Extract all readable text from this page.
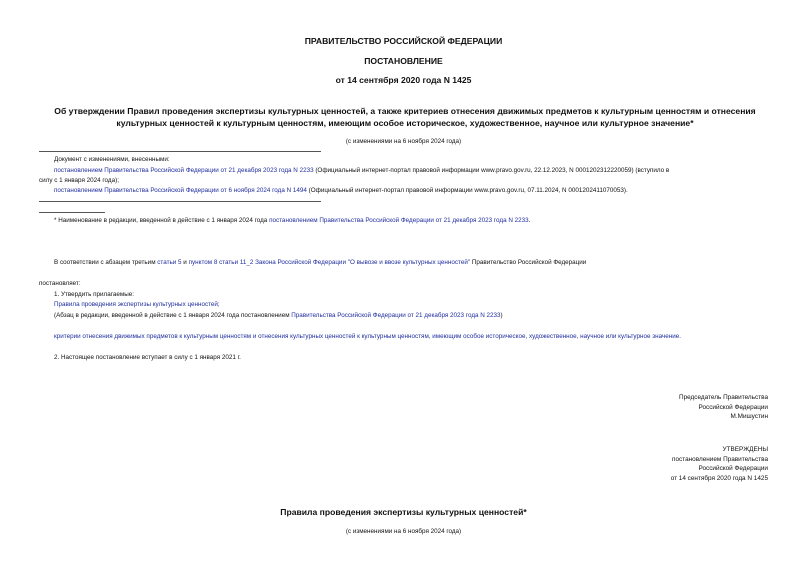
ПРАВИТЕЛЬСТВО РОССИЙСКОЙ ФЕДЕРАЦИИ
ПОСТАНОВЛЕНИЕ
от 14 сентября 2020 года N 1425
Об утверждении Правил проведения экспертизы культурных ценностей, а также критериев отнесения движимых предметов к культурным ценностям и отнесения
культурных ценностей к культурным ценностям, имеющим особое историческое, художественное, научное или культурное значение*
(с изменениями на 6 ноября 2024 года)
Документ с изменениями, внесенными:
постановлением Правительства Российской Федерации от 21 декабря 2023 года N 2233 (Официальный интернет-портал правовой информации www.pravo.gov.ru, 22.12.2023, N 0001202312220059) (вступило в
силу с 1 января 2024 года);
постановлением Правительства Российской Федерации от 6 ноября 2024 года N 1494 (Официальный интернет-портал правовой информации www.pravo.gov.ru, 07.11.2024, N 0001202411070053).
* Наименование в редакции, введенной в действие с 1 января 2024 года постановлением Правительства Российской Федерации от 21 декабря 2023 года N 2233.
В соответствии с абзацем третьим статьи 5 и пунктом 8 статьи 11_2 Закона Российской Федерации "О вывозе и ввозе культурных ценностей" Правительство Российской Федерации
постановляет:
1. Утвердить прилагаемые:
Правила проведения экспертизы культурных ценностей;
(Абзац в редакции, введенной в действие с 1 января 2024 года постановлением Правительства Российской Федерации от 21 декабря 2023 года N 2233)
критерии отнесения движимых предметов к культурным ценностям и отнесения культурных ценностей к культурным ценностям, имеющим особое историческое, художественное, научное или культурное значение.
2. Настоящее постановление вступает в силу с 1 января 2021 г.
Председатель Правительства
Российской Федерации
М.Мишустин
УТВЕРЖДЕНЫ
постановлением Правительства
Российской Федерации
от 14 сентября 2020 года N 1425
Правила проведения экспертизы культурных ценностей*
(с изменениями на 6 ноября 2024 года)
